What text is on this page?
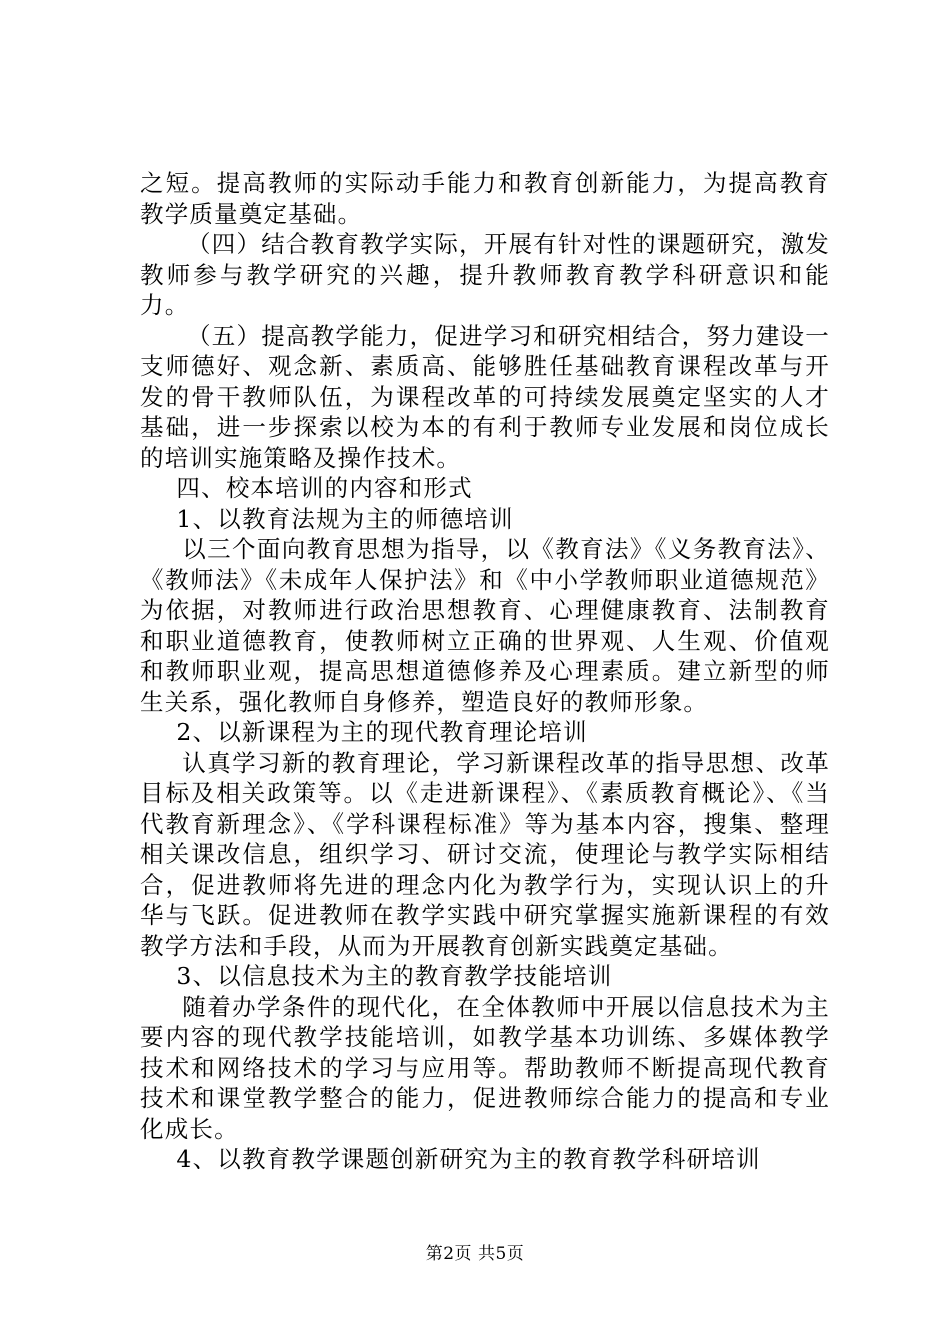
之短。提高教师的实际动手能力和教育创新能力，为提高教育教学质量奠定基础。

（四）结合教育教学实际，开展有针对性的课题研究，激发教师参与教学研究的兴趣，提升教师教育教学科研意识和能力。

（五）提高教学能力，促进学习和研究相结合，努力建设一支师德好、观念新、素质高、能够胜任基础教育课程改革与开发的骨干教师队伍，为课程改革的可持续发展奠定坚实的人才基础，进一步探索以校为本的有利于教师专业发展和岗位成长的培训实施策略及操作技术。

四、校本培训的内容和形式

1、以教育法规为主的师德培训

以三个面向教育思想为指导，以《教育法》《义务教育法》、《教师法》《未成年人保护法》和《中小学教师职业道德规范》为依据，对教师进行政治思想教育、心理健康教育、法制教育和职业道德教育，使教师树立正确的世界观、人生观、价值观和教师职业观，提高思想道德修养及心理素质。建立新型的师生关系，强化教师自身修养，塑造良好的教师形象。

2、以新课程为主的现代教育理论培训

认真学习新的教育理论，学习新课程改革的指导思想、改革目标及相关政策等。以《走进新课程》、《素质教育概论》、《当代教育新理念》、《学科课程标准》等为基本内容，搜集、整理相关课改信息，组织学习、研讨交流，使理论与教学实际相结合，促进教师将先进的理念内化为教学行为，实现认识上的升华与飞跃。促进教师在教学实践中研究掌握实施新课程的有效教学方法和手段，从而为开展教育创新实践奠定基础。

3、以信息技术为主的教育教学技能培训

随着办学条件的现代化，在全体教师中开展以信息技术为主要内容的现代教学技能培训，如教学基本功训练、多媒体教学技术和网络技术的学习与应用等。帮助教师不断提高现代教育技术和课堂教学整合的能力，促进教师综合能力的提高和专业化成长。

4、以教育教学课题创新研究为主的教育教学科研培训

第2页 共5页
